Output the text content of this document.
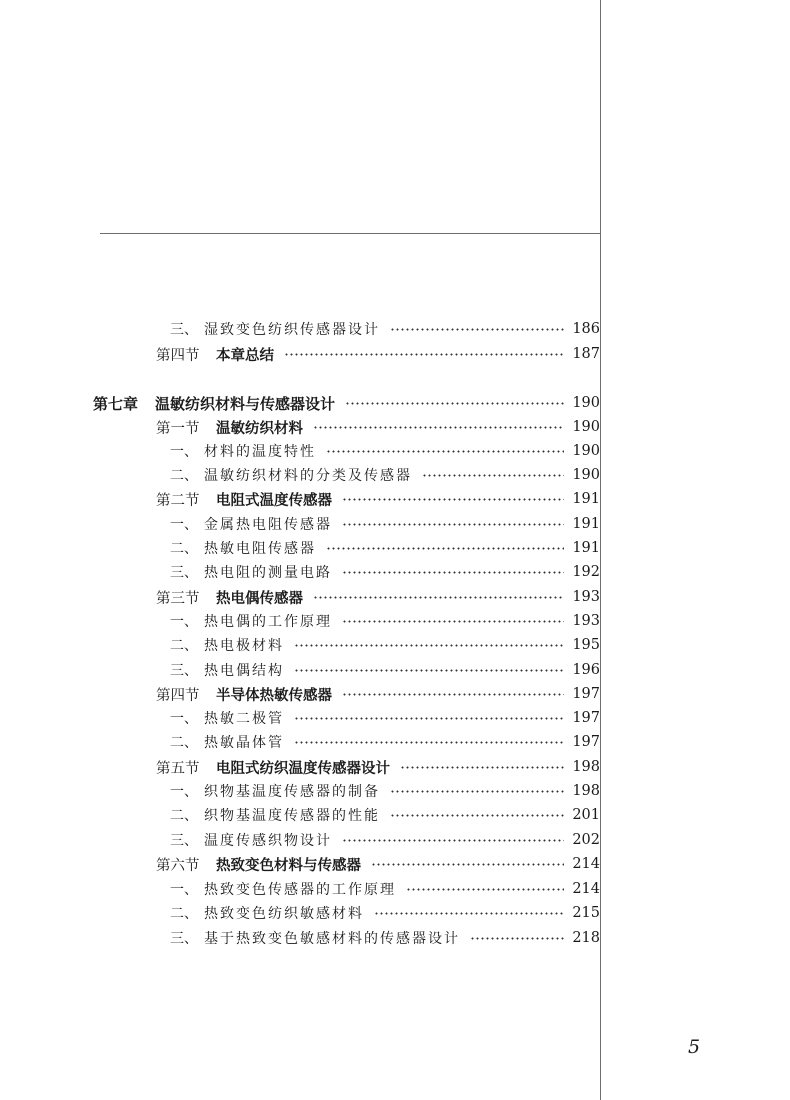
三、 湿致变色纺织传感器设计	186
第四节	本章总结	187
第七章	温敏纺织材料与传感器设计	190
第一节	温敏纺织材料	190
一、 材料的温度特性	190
二、 温敏纺织材料的分类及传感器	190
第二节	电阻式温度传感器	191
一、 金属热电阻传感器	191
二、 热敏电阻传感器	191
三、 热电阻的测量电路	192
第三节	热电偶传感器	193
一、 热电偶的工作原理	193
二、 热电极材料	195
三、 热电偶结构	196
第四节	半导体热敏传感器	197
一、 热敏二极管	197
二、 热敏晶体管	197
第五节	电阻式纺织温度传感器设计	198
一、 织物基温度传感器的制备	198
二、 织物基温度传感器的性能	201
三、 温度传感织物设计	202
第六节	热致变色材料与传感器	214
一、 热致变色传感器的工作原理	214
二、 热致变色纺织敏感材料	215
三、 基于热致变色敏感材料的传感器设计	218
5
